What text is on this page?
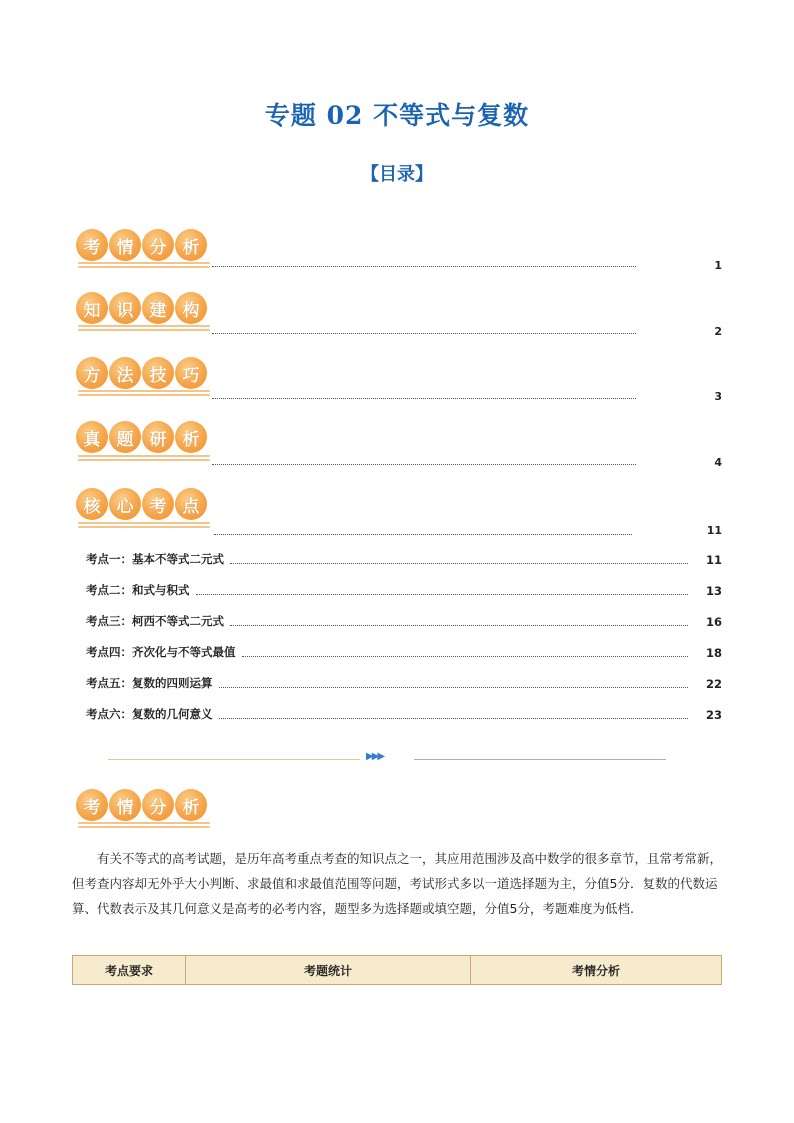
专题 02 不等式与复数
【目录】
考 情 分 析
1
知 识 建 构
2
方 法 技 巧
3
真 题 研 析
4
核 心 考 点
11
考点一：基本不等式二元式	11
考点二：和式与积式	13
考点三：柯西不等式二元式	16
考点四：齐次化与不等式最值	18
考点五：复数的四则运算	22
考点六：复数的几何意义	23
▶▶▶
考 情 分 析
有关不等式的高考试题，是历年高考重点考查的知识点之一，其应用范围涉及高中数学的很多章节，且常考常新，但考查内容却无外乎大小判断、求最值和求最值范围等问题，考试形式多以一道选择题为主，分值5分．复数的代数运算、代数表示及其几何意义是高考的必考内容，题型多为选择题或填空题，分值5分，考题难度为低档.
考点要求	考题统计	考情分析
